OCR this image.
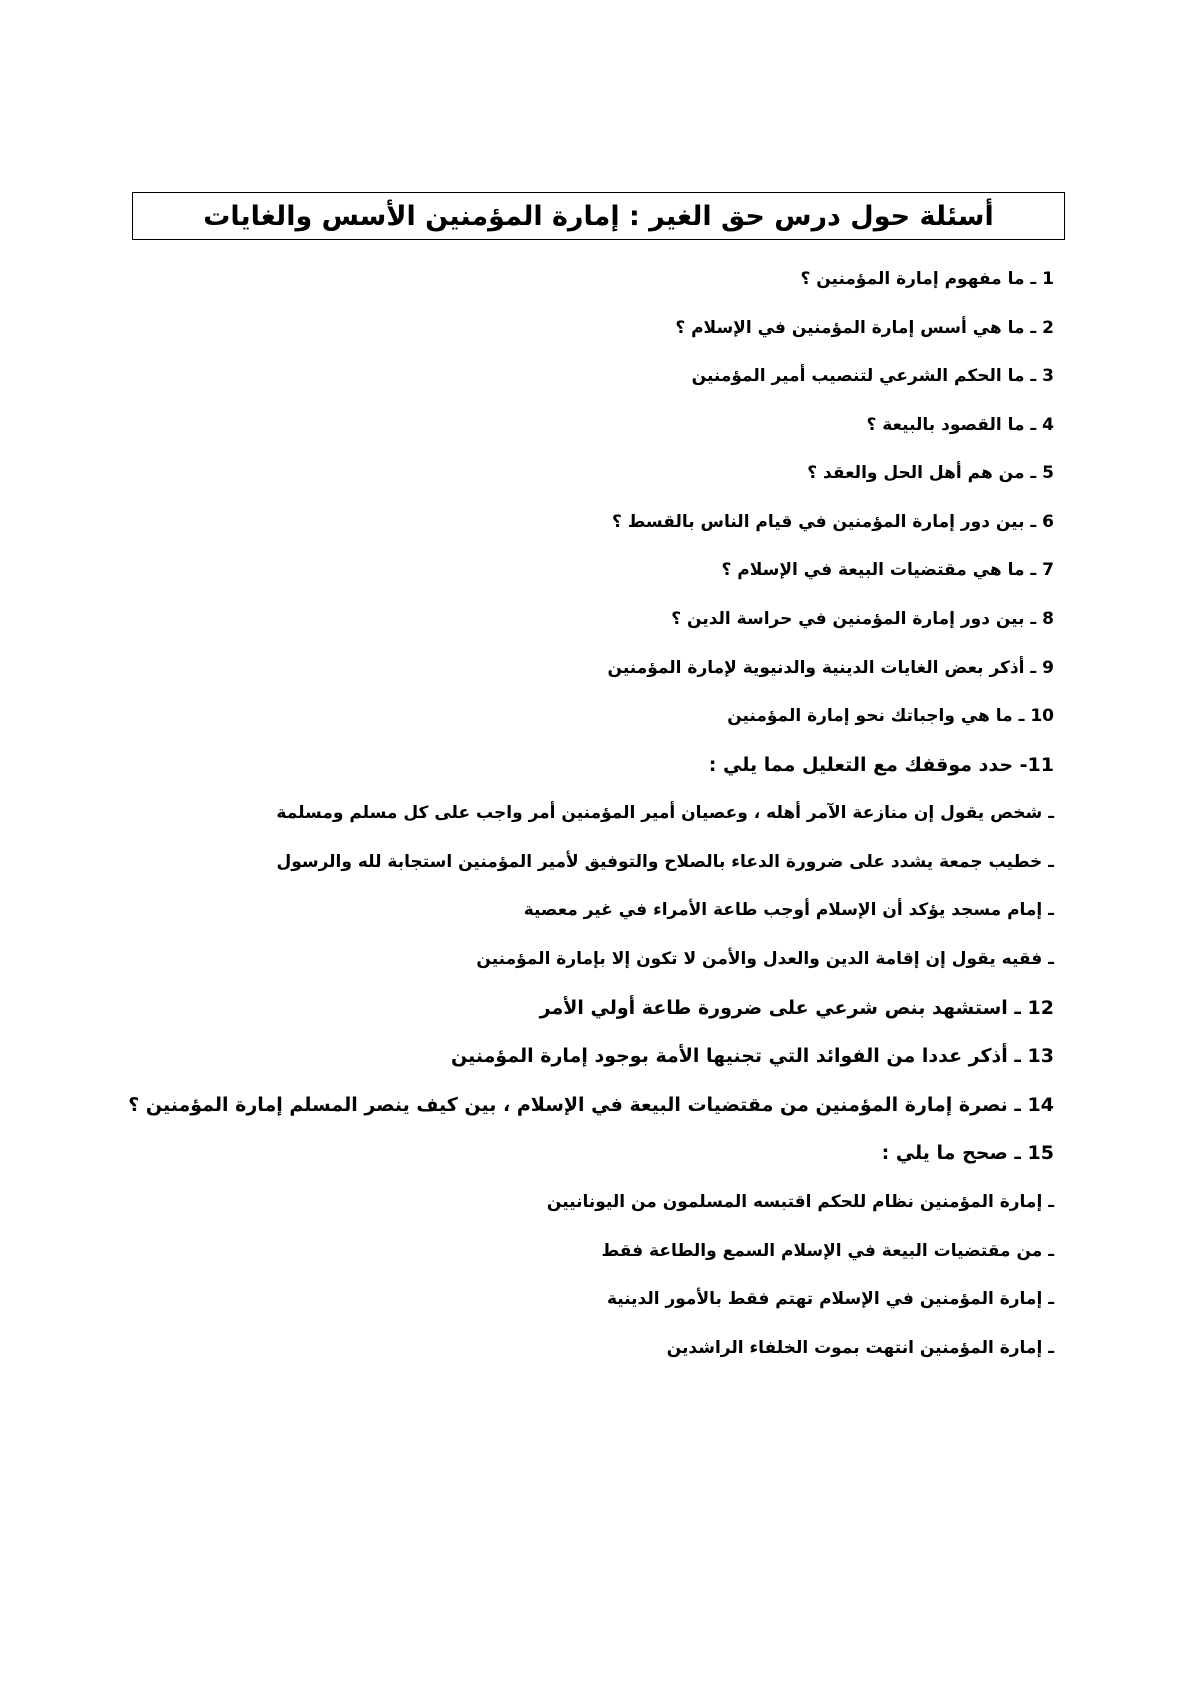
أسئلة حول درس حق الغير : إمارة المؤمنين الأسس والغايات
1 ـ ما مفهوم إمارة المؤمنين ؟
2 ـ ما هي أسس إمارة المؤمنين في الإسلام ؟
3 ـ ما الحكم الشرعي لتنصيب أمير المؤمنين
4 ـ ما القصود بالبيعة ؟
5 ـ من هم أهل الحل والعقد ؟
6 ـ بين دور إمارة المؤمنين في قيام الناس بالقسط ؟
7 ـ ما هي مقتضيات البيعة في الإسلام ؟
8 ـ بين دور إمارة المؤمنين في حراسة الدين ؟
9 ـ أذكر بعض الغايات الدينية والدنيوية لإمارة المؤمنين
10 ـ ما هي واجباتك نحو إمارة المؤمنين
11- حدد موقفك مع التعليل مما يلي :
ـ شخص يقول إن منازعة الآمر أهله ، وعصيان أمير المؤمنين أمر واجب على كل مسلم ومسلمة
ـ خطيب جمعة يشدد على ضرورة الدعاء بالصلاح والتوفيق لأمير المؤمنين استجابة لله والرسول
ـ إمام مسجد يؤكد أن الإسلام أوجب طاعة الأمراء في غير معصية
ـ فقيه يقول إن إقامة الدين والعدل والأمن لا تكون إلا بإمارة المؤمنين
12 ـ استشهد بنص شرعي على ضرورة طاعة أولي الأمر
13 ـ أذكر عددا من الفوائد التي تجنيها الأمة بوجود إمارة المؤمنين
14 ـ نصرة إمارة المؤمنين من مقتضيات البيعة في الإسلام ، بين كيف ينصر المسلم إمارة المؤمنين ؟
15 ـ صحح ما يلي :
ـ إمارة المؤمنين نظام للحكم اقتبسه المسلمون من اليونانيين
ـ من مقتضيات البيعة في الإسلام السمع والطاعة فقط
ـ إمارة المؤمنين في الإسلام تهتم فقط بالأمور الدينية
ـ إمارة المؤمنين انتهت بموت الخلفاء الراشدين
